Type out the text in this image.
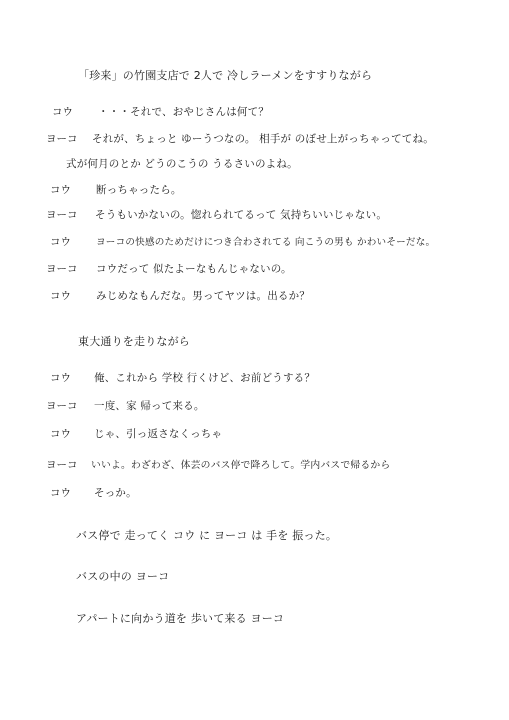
「珍来」の竹園支店で 2人で 冷しラーメンをすすりながら
コウ ・・・それで、おやじさんは何て？
ヨーコ それが、ちょっと ゆーうつなの。 相手が のぼせ上がっちゃっててね。
式が何月のとか どうのこうの うるさいのよね。
コウ 断っちゃったら。
ヨーコ そうもいかないの。惚れられてるって 気持ちいいじゃない。
コウ	ヨーコの快感のためだけにつき合わされてる 向こうの男も かわいそーだな。
ヨーコ コウだって 似たよーなもんじゃないの。
コウ みじめなもんだな。男ってヤツは。出るか？
東大通りを走りながら
コウ 俺、これから 学校 行くけど、お前どうする？
ヨーコ 一度、家 帰って来る。
コウ じゃ、引っ返さなくっちゃ
ヨーコ いいよ。わざわざ、体芸のバス停で降ろして。学内バスで帰るから
コウ そっか。
バス停で 走ってく コウ に ヨーコ は 手を 振った。
バスの中の ヨーコ
アパートに向かう道を 歩いて来る ヨーコ
